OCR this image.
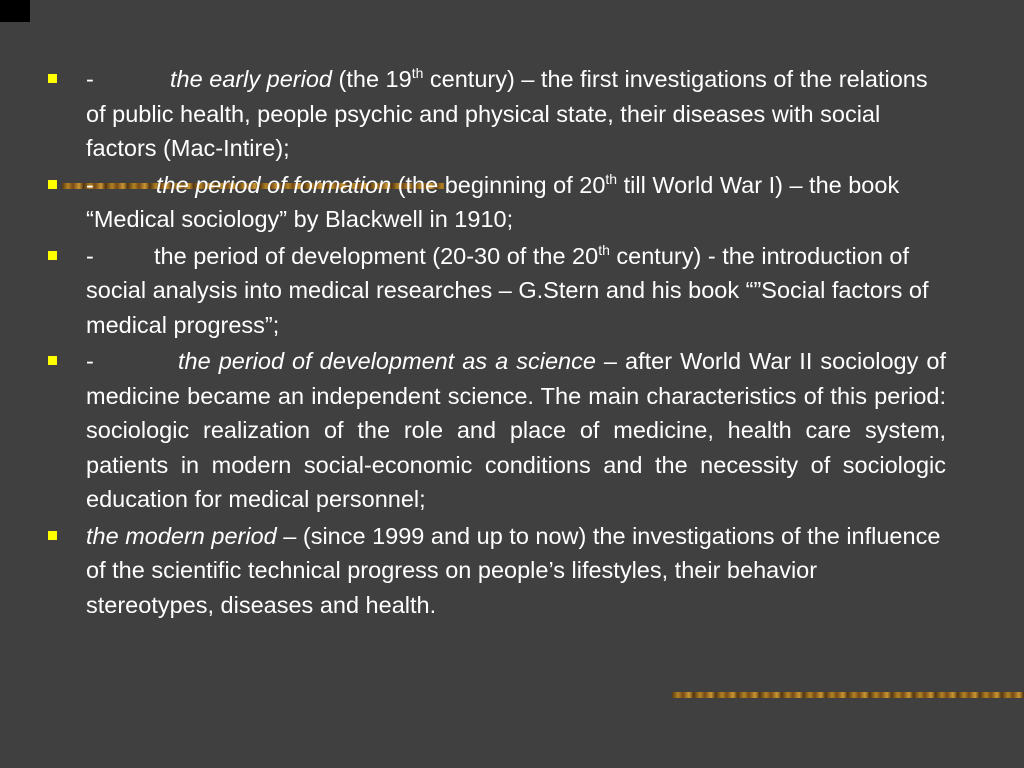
-	the early period (the 19th century) – the first investigations of the relations of public health, people psychic and physical state, their diseases with social factors (Mac-Intire);
-	the period of formation (the beginning of 20th till World War I) – the book “Medical sociology” by Blackwell in 1910;
-	the period of development (20-30 of the 20th century) - the introduction of social analysis into medical researches – G.Stern and his book “”Social factors of medical progress”;
-	the period of development as a science – after World War II sociology of medicine became an independent science. The main characteristics of this period: sociologic realization of the role and place of medicine, health care system, patients in modern social-economic conditions and the necessity of sociologic education for medical personnel;
the modern period – (since 1999 and up to now) the investigations of the influence of the scientific technical progress on people’s lifestyles, their behavior stereotypes, diseases and health.
